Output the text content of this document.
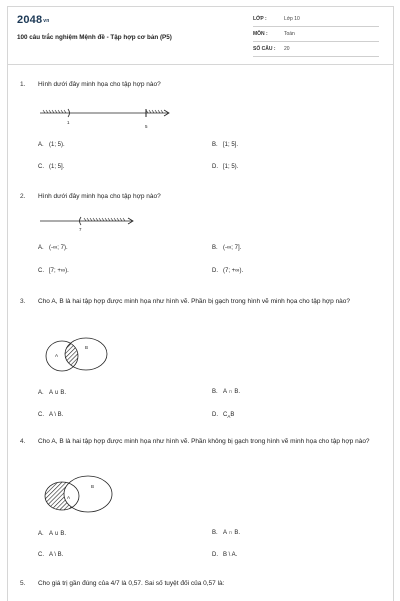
2048vn
100 câu trắc nghiệm Mệnh đề - Tập hợp cơ bản (P5)
LỚP :	Lớp 10
MÔN :	Toán
SỐ CÂU : 20
1. Hình dưới đây minh họa cho tập hợp nào?
1
5
A. (1; 5).	B. [1; 5].
C. (1; 5].	D. [1; 5).
2. Hình dưới đây minh họa cho tập hợp nào?
7
A. (-∞; 7).	B. (-∞; 7].
C. [7; +∞).	D. (7; +∞).
3. Cho A, B là hai tập hợp được minh họa như hình vẽ. Phần bị gạch trong hình vẽ minh họa cho tập hợp nào?
A
B
A. A ∪ B.	B. A ∩ B.
C. A \ B.	D. $C_AB$
4. Cho A, B là hai tập hợp được minh họa như hình vẽ. Phần không bị gạch trong hình vẽ minh họa cho tập hợp nào?
A
B
A. A ∪ B.	B. A ∩ B.
C. A \ B.	D. B \ A.
5. Cho giá trị gần đúng của 4/7 là 0,57. Sai số tuyệt đối của 0,57 là:
